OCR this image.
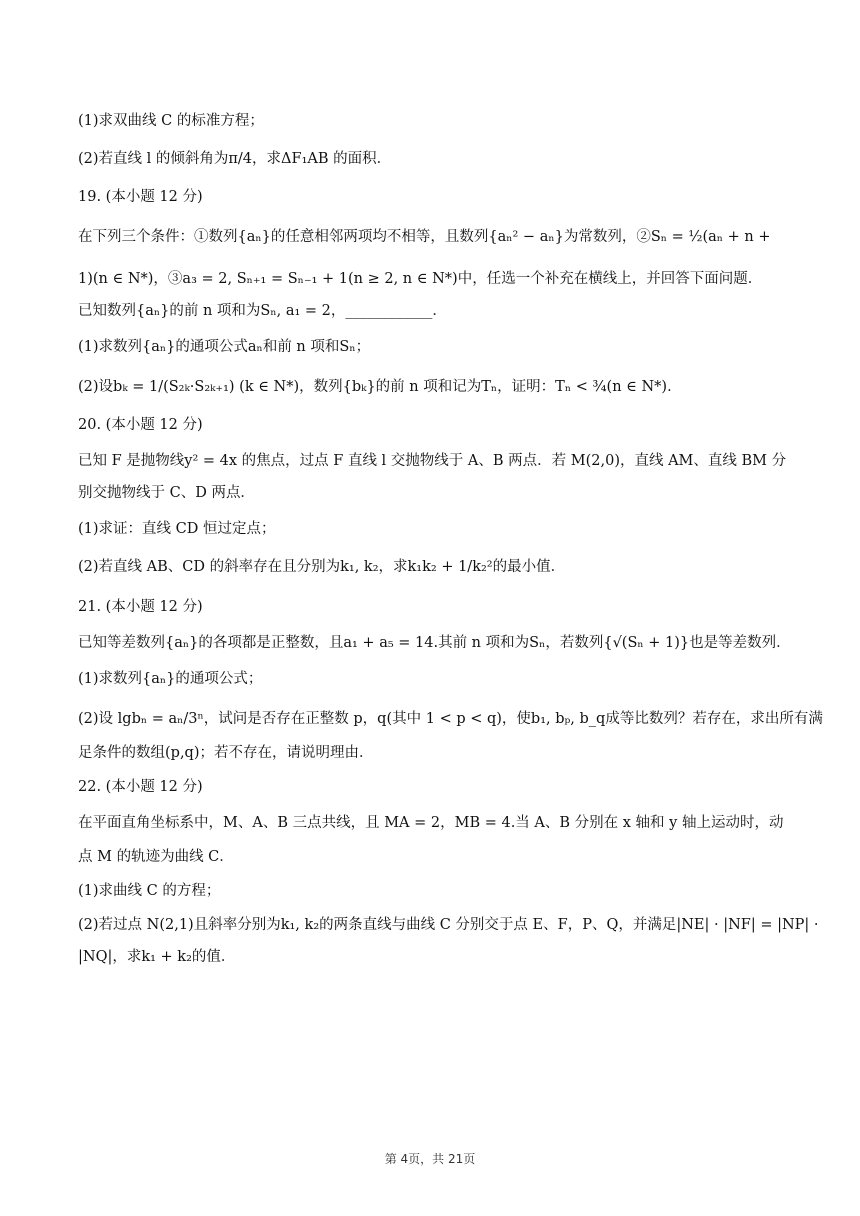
(1)求双曲线 C 的标准方程；
(2)若直线 l 的倾斜角为π/4，求ΔF₁AB 的面积．
19. (本小题 12 分)
在下列三个条件：①数列{aₙ}的任意相邻两项均不相等，且数列{aₙ² − aₙ}为常数列，②Sₙ = ½(aₙ + n +
1)(n ∈ N*)，③a₃ = 2, Sₙ₊₁ = Sₙ₋₁ + 1(n ≥ 2, n ∈ N*)中，任选一个补充在横线上，并回答下面问题．
已知数列{aₙ}的前 n 项和为Sₙ, a₁ = 2，____________．
(1)求数列{aₙ}的通项公式aₙ和前 n 项和Sₙ；
(2)设bₖ = 1/(S₂ₖ·S₂ₖ₊₁) (k ∈ N*)，数列{bₖ}的前 n 项和记为Tₙ，证明：Tₙ < ¾(n ∈ N*)．
20. (本小题 12 分)
已知 F 是抛物线y² = 4x 的焦点，过点 F 直线 l 交抛物线于 A、B 两点．若 M(2,0)，直线 AM、直线 BM 分
别交抛物线于 C、D 两点．
(1)求证：直线 CD 恒过定点；
(2)若直线 AB、CD 的斜率存在且分别为k₁, k₂，求k₁k₂ + 1/k₂²的最小值．
21. (本小题 12 分)
已知等差数列{aₙ}的各项都是正整数，且a₁ + a₅ = 14.其前 n 项和为Sₙ，若数列{√(Sₙ + 1)}也是等差数列．
(1)求数列{aₙ}的通项公式；
(2)设 lgbₙ = aₙ/3ⁿ，试问是否存在正整数 p，q(其中 1 < p < q)，使b₁, bₚ, b_q成等比数列？若存在，求出所有满
足条件的数组(p,q)；若不存在，请说明理由．
22. (本小题 12 分)
在平面直角坐标系中，M、A、B 三点共线，且 MA = 2，MB = 4.当 A、B 分别在 x 轴和 y 轴上运动时，动
点 M 的轨迹为曲线 C．
(1)求曲线 C 的方程；
(2)若过点 N(2,1)且斜率分别为k₁, k₂的两条直线与曲线 C 分别交于点 E、F，P、Q，并满足|NE| · |NF| = |NP| ·
|NQ|，求k₁ + k₂的值．
第 4页，共 21页
